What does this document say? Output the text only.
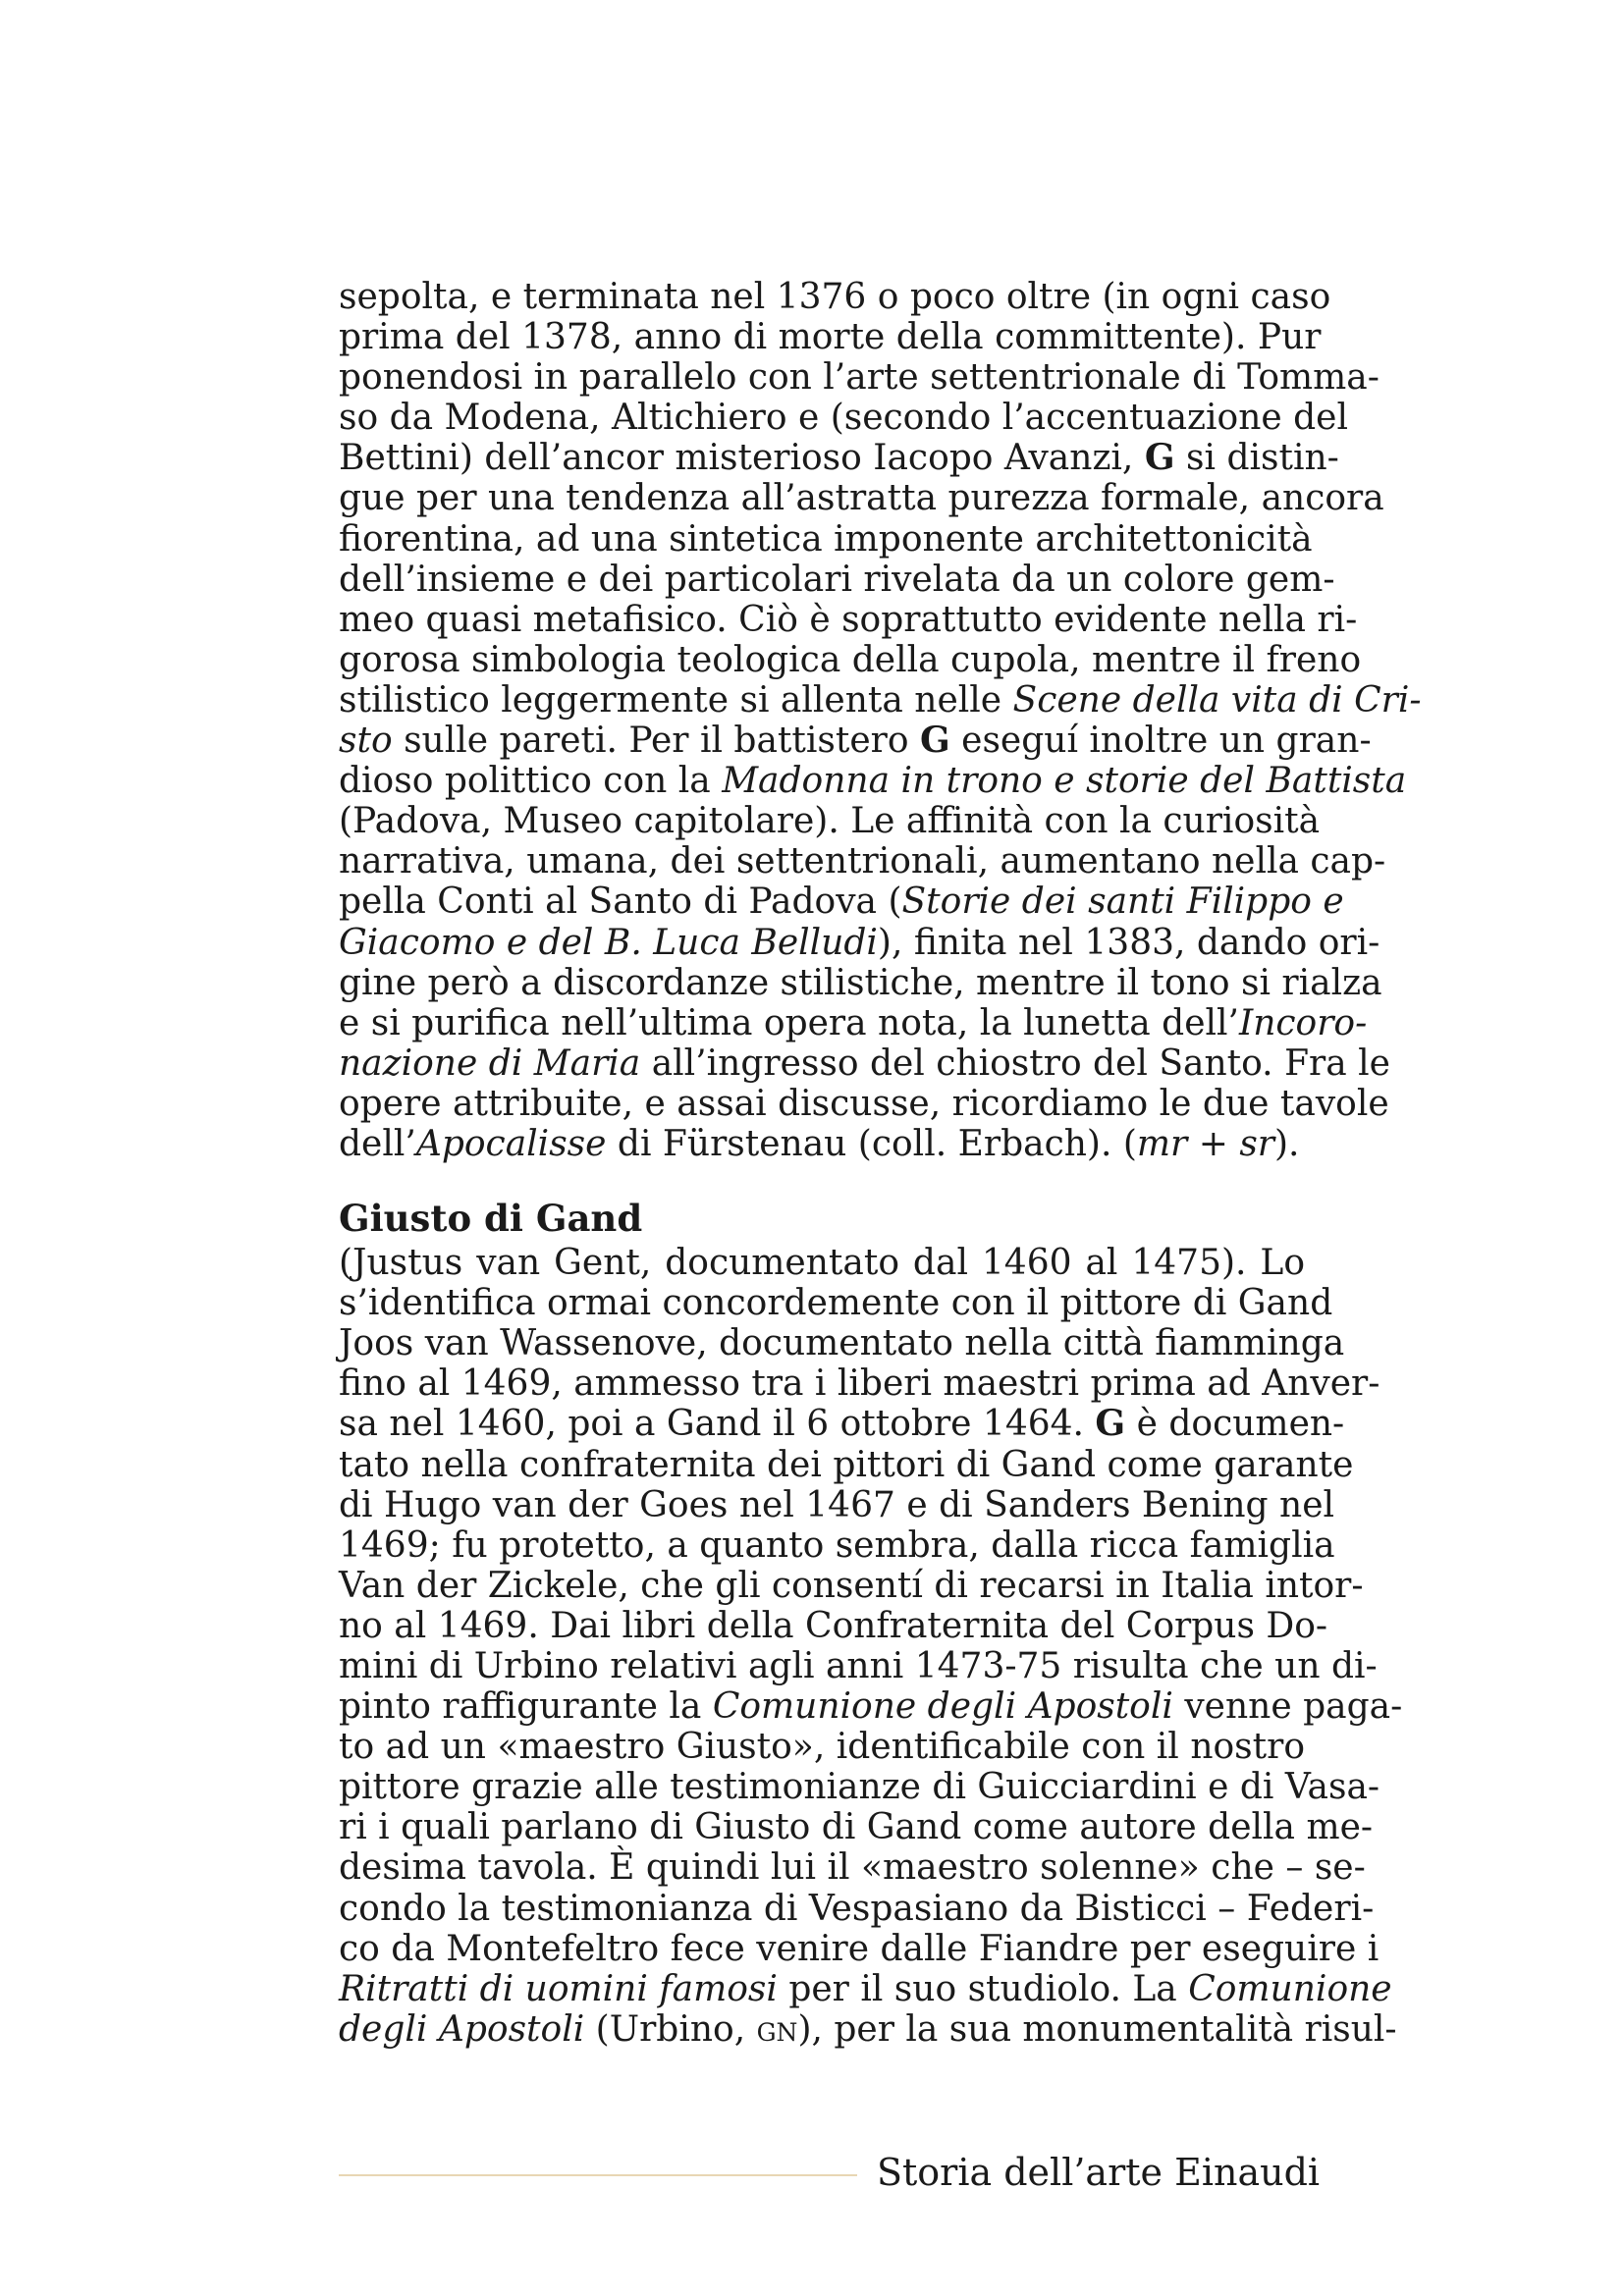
sepolta, e terminata nel 1376 o poco oltre (in ogni caso
prima del 1378, anno di morte della committente). Pur
ponendosi in parallelo con l’arte settentrionale di Tomma-
so da Modena, Altichiero e (secondo l’accentuazione del
Bettini) dell’ancor misterioso Iacopo Avanzi, G si distin-
gue per una tendenza all’astratta purezza formale, ancora
fiorentina, ad una sintetica imponente architettonicità
dell’insieme e dei particolari rivelata da un colore gem-
meo quasi metafisico. Ciò è soprattutto evidente nella ri-
gorosa simbologia teologica della cupola, mentre il freno
stilistico leggermente si allenta nelle Scene della vita di Cri-
sto sulle pareti. Per il battistero G eseguí inoltre un gran-
dioso polittico con la Madonna in trono e storie del Battista
(Padova, Museo capitolare). Le affinità con la curiosità
narrativa, umana, dei settentrionali, aumentano nella cap-
pella Conti al Santo di Padova (Storie dei santi Filippo e
Giacomo e del B. Luca Belludi), finita nel 1383, dando ori-
gine però a discordanze stilistiche, mentre il tono si rialza
e si purifica nell’ultima opera nota, la lunetta dell’Incoro-
nazione di Maria all’ingresso del chiostro del Santo. Fra le
opere attribuite, e assai discusse, ricordiamo le due tavole
dell’Apocalisse di Fürstenau (coll. Erbach). (mr + sr).
Giusto di Gand
(Justus van Gent, documentato dal 1460 al 1475). Lo
s’identifica ormai concordemente con il pittore di Gand
Joos van Wassenove, documentato nella città fiamminga
fino al 1469, ammesso tra i liberi maestri prima ad Anver-
sa nel 1460, poi a Gand il 6 ottobre 1464. G è documen-
tato nella confraternita dei pittori di Gand come garante
di Hugo van der Goes nel 1467 e di Sanders Bening nel
1469; fu protetto, a quanto sembra, dalla ricca famiglia
Van der Zickele, che gli consentí di recarsi in Italia intor-
no al 1469. Dai libri della Confraternita del Corpus Do-
mini di Urbino relativi agli anni 1473-75 risulta che un di-
pinto raffigurante la Comunione degli Apostoli venne paga-
to ad un «maestro Giusto», identificabile con il nostro
pittore grazie alle testimonianze di Guicciardini e di Vasa-
ri i quali parlano di Giusto di Gand come autore della me-
desima tavola. È quindi lui il «maestro solenne» che – se-
condo la testimonianza di Vespasiano da Bisticci – Federi-
co da Montefeltro fece venire dalle Fiandre per eseguire i
Ritratti di uomini famosi per il suo studiolo. La Comunione
degli Apostoli (Urbino, gn), per la sua monumentalità risul-
Storia dell’arte Einaudi
